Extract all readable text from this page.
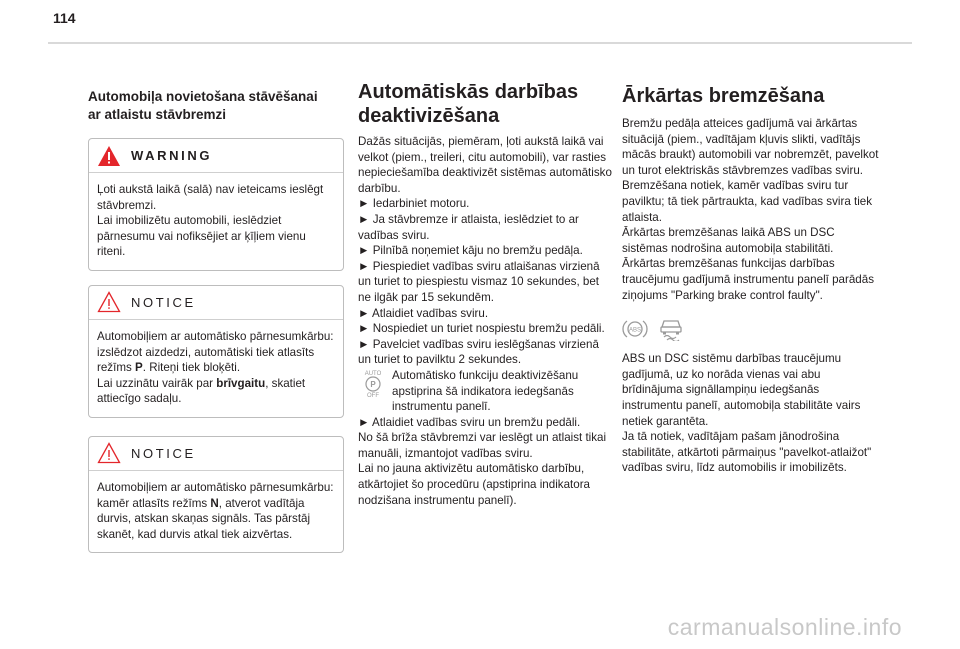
114
Automobiļa novietošana stāvēšanai
ar atlaistu stāvbremzi
WARNING
Ļoti aukstā laikā (salā) nav ieteicams ieslēgt stāvbremzi.
Lai imobilizētu automobili, ieslēdziet pārnesumu vai nofiksējiet ar ķīļiem vienu riteni.
NOTICE
Automobiļiem ar automātisko pārnesumkārbu: izslēdzot aizdedzi, automātiski tiek atlasīts režīms P. Riteņi tiek bloķēti.
Lai uzzinātu vairāk par brīvgaitu, skatiet attiecīgo sadaļu.
NOTICE
Automobiļiem ar automātisko pārnesumkārbu: kamēr atlasīts režīms N, atverot vadītāja durvis, atskan skaņas signāls. Tas pārstāj skanēt, kad durvis atkal tiek aizvērtas.
Automātiskās darbības
deaktivizēšana
Dažās situācijās, piemēram, ļoti aukstā laikā vai velkot (piem., treileri, citu automobili), var rasties nepieciešamība deaktivizēt sistēmas automātisko darbību.
► Iedarbiniet motoru.
► Ja stāvbremze ir atlaista, ieslēdziet to ar vadības sviru.
► Pilnībā noņemiet kāju no bremžu pedāļa.
► Piespiediet vadības sviru atlaišanas virzienā un turiet to piespiestu vismaz 10 sekundes, bet ne ilgāk par 15 sekundēm.
► Atlaidiet vadības sviru.
► Nospiediet un turiet nospiestu bremžu pedāli.
► Pavelciet vadības sviru ieslēgšanas virzienā un turiet to pavilktu 2 sekundes.
AUTO
P
OFF
Automātisko funkciju deaktivizēšanu apstiprina šā indikatora iedegšanās instrumentu panelī.
► Atlaidiet vadības sviru un bremžu pedāli.
No šā brīža stāvbremzi var ieslēgt un atlaist tikai manuāli, izmantojot vadības sviru.
Lai no jauna aktivizētu automātisko darbību, atkārtojiet šo procedūru (apstiprina indikatora nodzišana instrumentu panelī).
Ārkārtas bremzēšana
Bremžu pedāļa atteices gadījumā vai ārkārtas situācijā (piem., vadītājam kļuvis slikti, vadītājs mācās braukt) automobili var nobremzēt, pavelkot un turot elektriskās stāvbremzes vadības sviru. Bremzēšana notiek, kamēr vadības sviru tur pavilktu; tā tiek pārtraukta, kad vadības svira tiek atlaista.
Ārkārtas bremzēšanas laikā ABS un DSC sistēmas nodrošina automobiļa stabilitāti.
Ārkārtas bremzēšanas funkcijas darbības traucējumu gadījumā instrumentu panelī parādās ziņojums "Parking brake control faulty".
ABS
ABS un DSC sistēmu darbības traucējumu gadījumā, uz ko norāda vienas vai abu brīdinājuma signāllampiņu iedegšanās instrumentu panelī, automobiļa stabilitāte vairs netiek garantēta.
Ja tā notiek, vadītājam pašam jānodrošina stabilitāte, atkārtoti pārmaiņus "pavelkot-atlaižot" vadības sviru, līdz automobilis ir imobilizēts.
carmanualsonline.info
